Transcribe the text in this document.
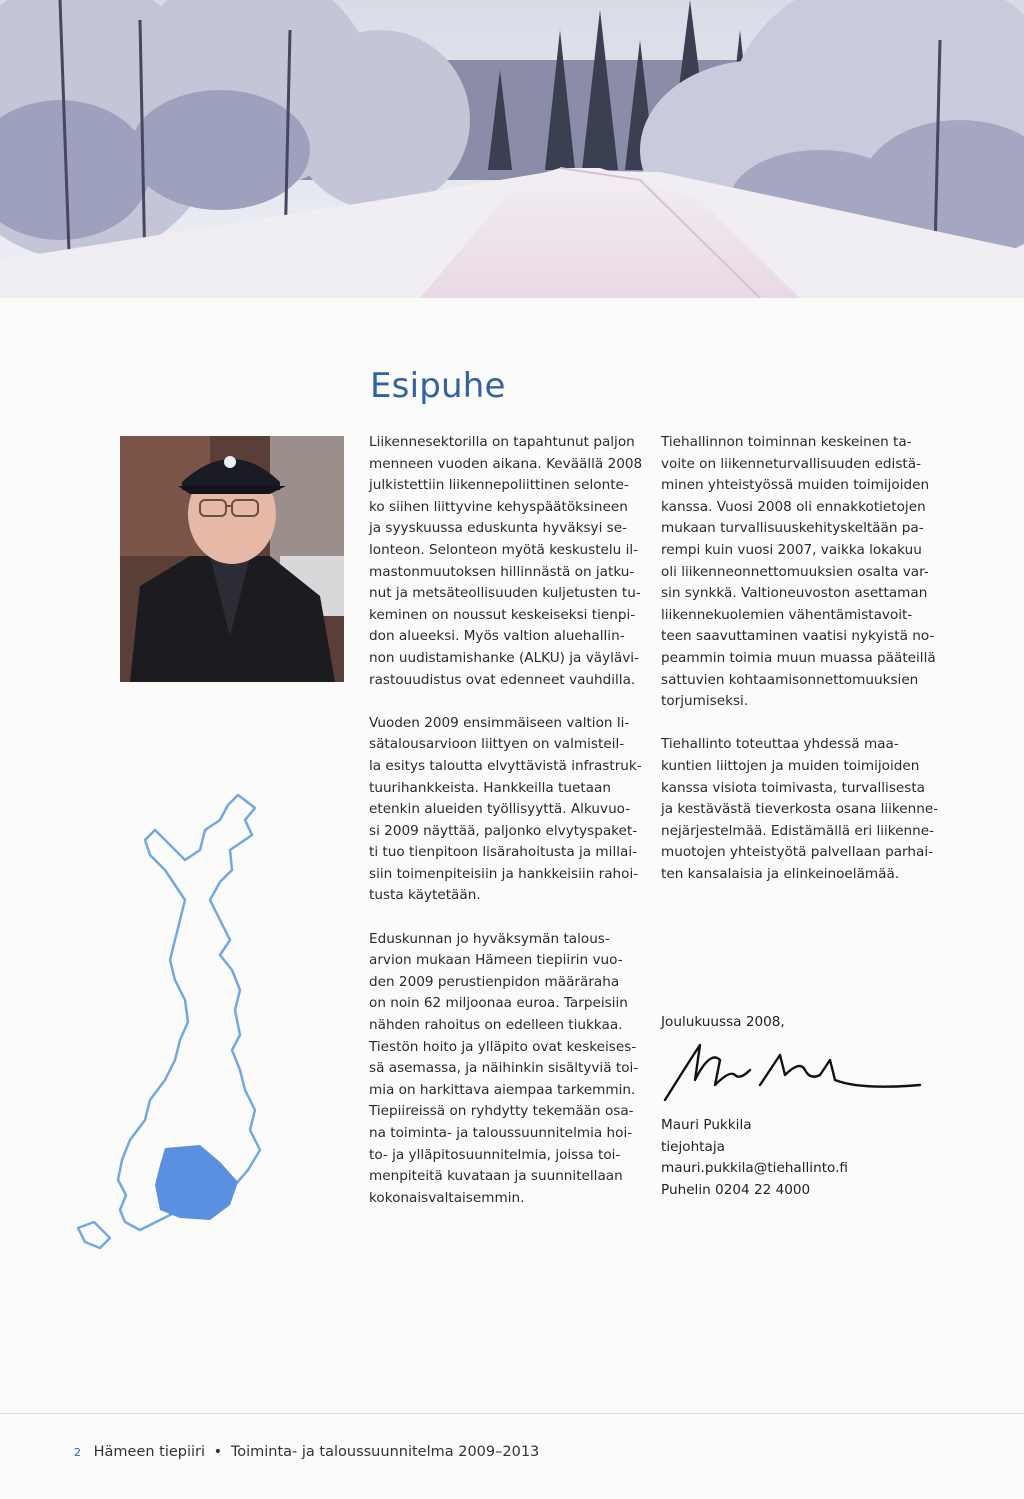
Esipuhe

Liikennesektorilla on tapahtunut paljon
menneen vuoden aikana. Keväällä 2008
julkistettiin liikennepoliittinen selonte-
ko siihen liittyvine kehyspäätöksineen
ja syyskuussa eduskunta hyväksyi se-
lonteon. Selonteon myötä keskustelu il-
mastonmuutoksen hillinnästä on jatku-
nut ja metsäteollisuuden kuljetusten tu-
keminen on noussut keskeiseksi tienpi-
don alueeksi. Myös valtion aluehallin-
non uudistamishanke (ALKU) ja väylävi-
rastouudistus ovat edenneet vauhdilla.

Vuoden 2009 ensimmäiseen valtion li-
sätalousarvioon liittyen on valmisteil-
la esitys taloutta elvyttävistä infrastruk-
tuurihankkeista. Hankkeilla tuetaan
etenkin alueiden työllisyyttä. Alkuvuo-
si 2009 näyttää, paljonko elvytyspaket-
ti tuo tienpitoon lisärahoitusta ja millai-
siin toimenpiteisiin ja hankkeisiin rahoi-
tusta käytetään.

Eduskunnan jo hyväksymän talous-
arvion mukaan Hämeen tiepiirin vuo-
den 2009 perustienpidon määräraha
on noin 62 miljoonaa euroa. Tarpeisiin
nähden rahoitus on edelleen tiukkaa.
Tiestön hoito ja ylläpito ovat keskeises-
sä asemassa, ja näihinkin sisältyviä toi-
mia on harkittava aiempaa tarkemmin.
Tiepiireissä on ryhdytty tekemään osa-
na toiminta- ja taloussuunnitelmia hoi-
to- ja ylläpitosuunnitelmia, joissa toi-
menpiteitä kuvataan ja suunnitellaan
kokonaisvaltaisemmin.

Tiehallinnon toiminnan keskeinen ta-
voite on liikenneturvallisuuden edistä-
minen yhteistyössä muiden toimijoiden
kanssa. Vuosi 2008 oli ennakkotietojen
mukaan turvallisuuskehityskeltään pa-
rempi kuin vuosi 2007, vaikka lokakuu
oli liikenneonnettomuuksien osalta var-
sin synkkä. Valtioneuvoston asettaman
liikennekuolemien vähentämistavoit-
teen saavuttaminen vaatisi nykyistä no-
peammin toimia muun muassa pääteillä
sattuvien kohtaamisonnettomuuksien
torjumiseksi.

Tiehallinto toteuttaa yhdessä maa-
kuntien liittojen ja muiden toimijoiden
kanssa visiota toimivasta, turvallisesta
ja kestävästä tieverkosta osana liikenne-
nejärjestelmää. Edistämällä eri liikenne-
muotojen yhteistyötä palvellaan parhai-
ten kansalaisia ja elinkeinoelämää.

Joulukuussa 2008,
Mauri Pukkila
tiejohtaja
mauri.pukkila@tiehallinto.fi
Puhelin 0204 22 4000
2 Hämeen tiepiiri • Toiminta- ja taloussuunnitelma 2009–2013
